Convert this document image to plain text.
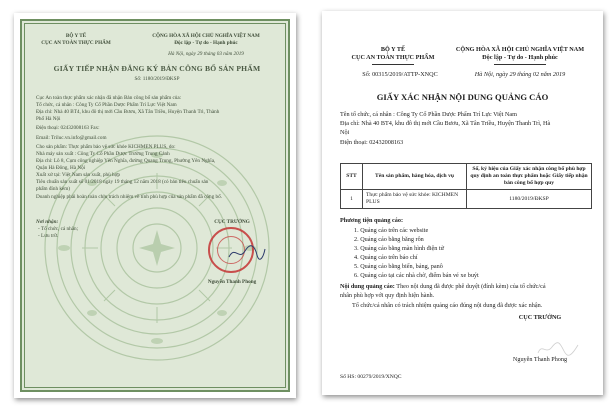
BỘ Y TẾ
CỤC AN TOÀN THỰC PHẨM
CỘNG HÒA XÃ HỘI CHỦ NGHĨA VIỆT NAM
Độc lập - Tự do - Hạnh phúc
Hà Nội, ngày 29 tháng 03 năm 2019
GIẤY TIẾP NHẬN ĐĂNG KÝ BẢN CÔNG BỐ SẢN PHẨM
Số: 1180/2019/ĐKSP
Cục An toàn thực phẩm xác nhận đã nhận Bản công bố sản phẩm của:
Tổ chức, cá nhân : Công Ty Cổ Phần Dược Phẩm Trí Lực Việt Nam
Địa chỉ: Nhà 40 BT4, khu đô thị mới Cầu Bươu, Xã Tân Triều, Huyện Thanh Trì, Thành
Phố Hà Nội
Điện thoại: 02432008163 Fax:
Email: Triluc.vn.info@gmail.com
Cho sản phẩm: Thực phẩm bảo vệ sức khỏe KICHMEN PLUS, do:
Nhà máy sản xuất : Công Ty Cổ Phần Dược Trường Trung Cảnh
Địa chỉ: Lô 8, Cụm công nghiệp Yên Nghĩa, đường Quang Trung, Phường Yên Nghĩa,
Quận Hà Đông, Hà Nội
Xuất xứ tại: Việt Nam sản xuất, phù hợp
Tiêu chuẩn sản xuất số 01/2018 ngày 19 tháng 12 năm 2018 (có bản tiêu chuẩn sản
phẩm đính kèm)
Doanh nghiệp phải hoàn toàn chịu trách nhiệm về tính phù hợp của sản phẩm đã công bố.
Nơi nhận:
- Tổ chức, cá nhân;
- Lưu trữ.
CỤC TRƯỞNG
Nguyễn Thanh Phong
BỘ Y TẾ
CỤC AN TOÀN THỰC PHẨM
Số: 00315/2019/ATTP-XNQC
CỘNG HÒA XÃ HỘI CHỦ NGHĨA VIỆT NAM
Độc lập - Tự do - Hạnh phúc
Hà Nội, ngày 29 tháng 02 năm 2019
GIẤY XÁC NHẬN NỘI DUNG QUẢNG CÁO
Tên tổ chức, cá nhân : Công Ty Cổ Phần Dược Phẩm Trí Lực Việt Nam
Địa chỉ: Nhà 40 BT4, khu đô thị mới Cầu Bươu, Xã Tân Triều, Huyện Thanh Trì, Hà
Nội
Điện thoại: 02432008163
STT	Tên sản phẩm, hàng hóa, dịch vụ	Số, ký hiệu của Giấy xác nhận công bố phù hợp quy định an toàn thực phẩm hoặc Giấy tiếp nhận bản công bố hợp quy
1	Thực phẩm bảo vệ sức khỏe: KICHMEN PLUS	1180/2019/ĐKSP
Phương tiện quảng cáo:
1. Quảng cáo trên các website
2. Quảng cáo bằng băng rôn
3. Quảng cáo bằng màn hình điện tử
4. Quảng cáo trên báo chí
5. Quảng cáo bằng biển, bảng, panô
6. Quảng cáo tại các nhà chờ, điểm bán vé xe buýt
Nội dung quảng cáo: Theo nội dung đã được phê duyệt (đính kèm) của tổ chức/cá
nhân phù hợp với quy định hiện hành.
Tổ chức/cá nhân có trách nhiệm quảng cáo đúng nội dung đã được xác nhận.
CỤC TRƯỞNG
Nguyễn Thanh Phong
Số HS: 00279/2019/XNQC
